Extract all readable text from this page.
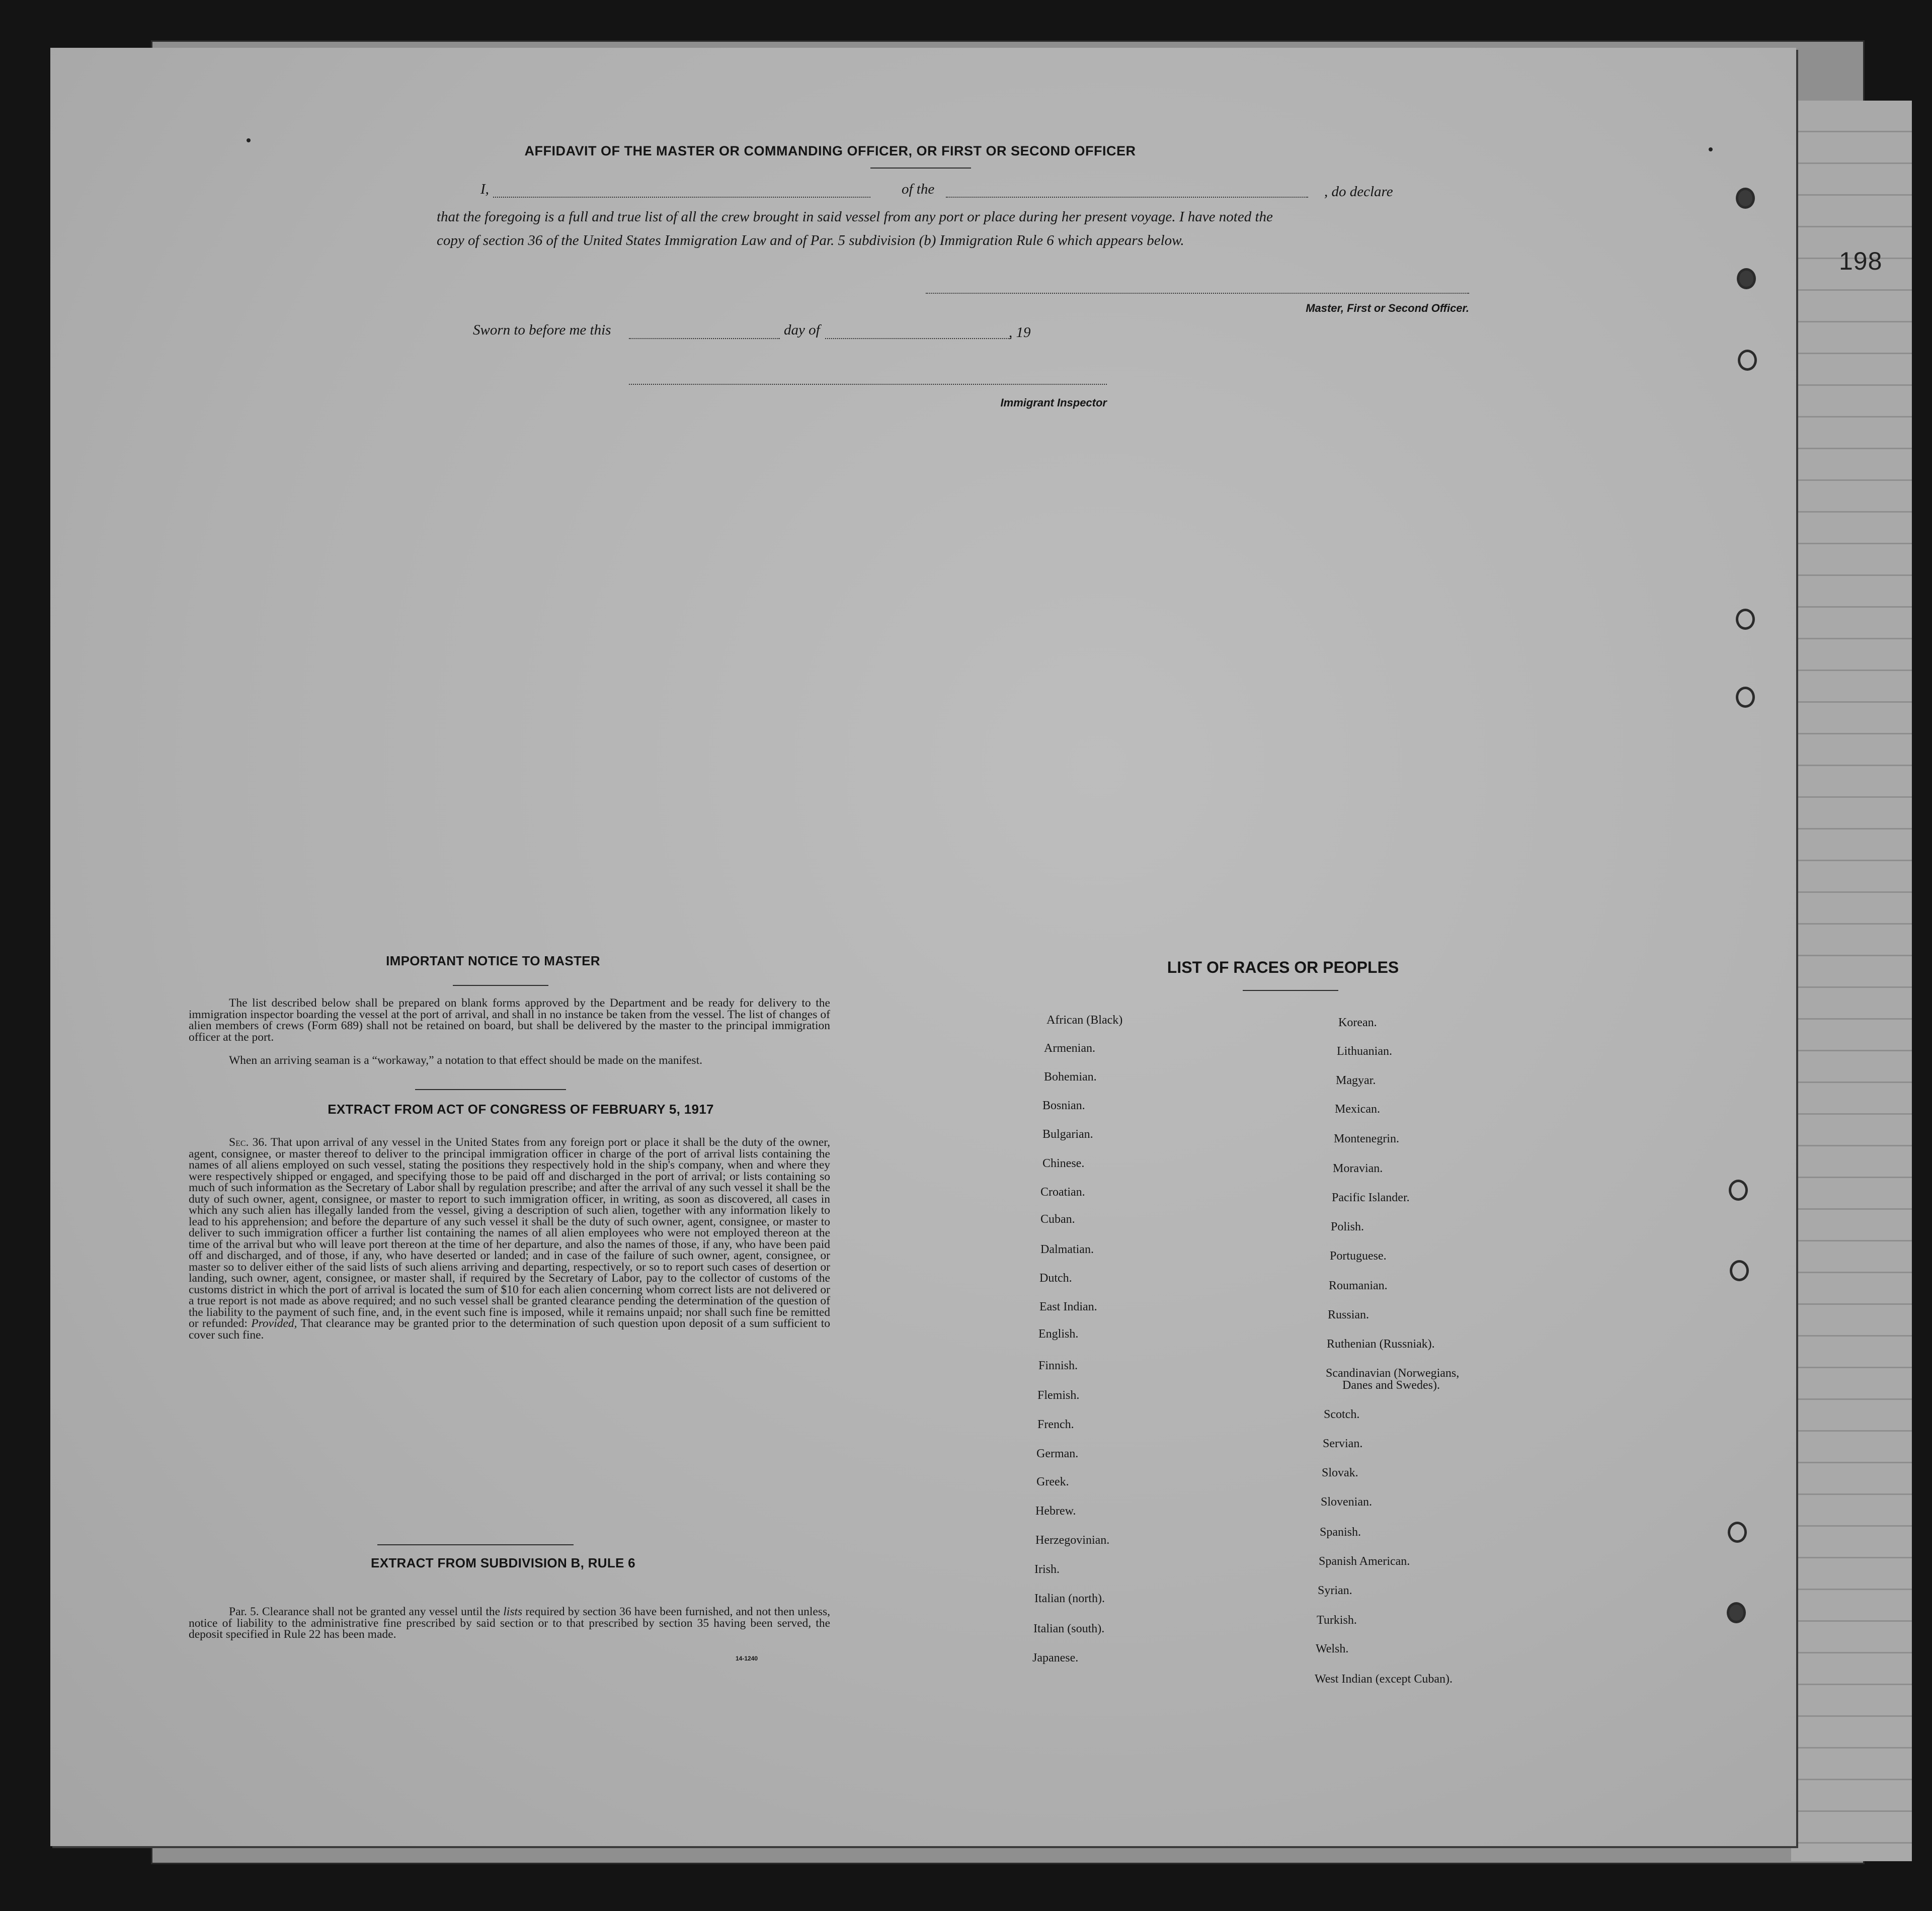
198
AFFIDAVIT OF THE MASTER OR COMMANDING OFFICER, OR FIRST OR SECOND OFFICER
I,	of the	, do declare
that the foregoing is a full and true list of all the crew brought in said vessel from any port or place during her present voyage. I have noted the
copy of section 36 of the United States Immigration Law and of Par. 5 subdivision (b) Immigration Rule 6 which appears below.
Master, First or Second Officer.
Sworn to before me this	day of	, 19
Immigrant Inspector
IMPORTANT NOTICE TO MASTER
The list described below shall be prepared on blank forms approved by the Department and be ready for delivery to the immigration inspector boarding the vessel at the port of arrival, and shall in no instance be taken from the vessel. The list of changes of alien members of crews (Form 689) shall not be retained on board, but shall be delivered by the master to the principal immigration officer at the port.
When an arriving seaman is a “workaway,” a notation to that effect should be made on the manifest.
EXTRACT FROM ACT OF CONGRESS OF FEBRUARY 5, 1917
Sec. 36. That upon arrival of any vessel in the United States from any foreign port or place it shall be the duty of the owner, agent, consignee, or master thereof to deliver to the principal immigration officer in charge of the port of arrival lists containing the names of all aliens employed on such vessel, stating the positions they respectively hold in the ship's company, when and where they were respectively shipped or engaged, and specifying those to be paid off and discharged in the port of arrival; or lists containing so much of such information as the Secretary of Labor shall by regulation prescribe; and after the arrival of any such vessel it shall be the duty of such owner, agent, consignee, or master to report to such immigration officer, in writing, as soon as discovered, all cases in which any such alien has illegally landed from the vessel, giving a description of such alien, together with any information likely to lead to his apprehension; and before the departure of any such vessel it shall be the duty of such owner, agent, consignee, or master to deliver to such immigration officer a further list containing the names of all alien employees who were not employed thereon at the time of the arrival but who will leave port thereon at the time of her departure, and also the names of those, if any, who have been paid off and discharged, and of those, if any, who have deserted or landed; and in case of the failure of such owner, agent, consignee, or master so to deliver either of the said lists of such aliens arriving and departing, respectively, or so to report such cases of desertion or landing, such owner, agent, consignee, or master shall, if required by the Secretary of Labor, pay to the collector of customs of the customs district in which the port of arrival is located the sum of $10 for each alien concerning whom correct lists are not delivered or a true report is not made as above required; and no such vessel shall be granted clearance pending the determination of the question of the liability to the payment of such fine, and, in the event such fine is imposed, while it remains unpaid; nor shall such fine be remitted or refunded: Provided, That clearance may be granted prior to the determination of such question upon deposit of a sum sufficient to cover such fine.
EXTRACT FROM SUBDIVISION B, RULE 6
Par. 5. Clearance shall not be granted any vessel until the lists required by section 36 have been furnished, and not then unless, notice of liability to the administrative fine prescribed by said section or to that prescribed by section 35 having been served, the deposit specified in Rule 22 has been made.
14-1240
LIST OF RACES OR PEOPLES
African (Black)
Armenian.
Bohemian.
Bosnian.
Bulgarian.
Chinese.
Croatian.
Cuban.
Dalmatian.
Dutch.
East Indian.
English.
Finnish.
Flemish.
French.
German.
Greek.
Hebrew.
Herzegovinian.
Irish.
Italian (north).
Italian (south).
Japanese.
Korean.
Lithuanian.
Magyar.
Mexican.
Montenegrin.
Moravian.
Pacific Islander.
Polish.
Portuguese.
Roumanian.
Russian.
Ruthenian (Russniak).
Scandinavian (Norwegians,
Danes and Swedes).
Scotch.
Servian.
Slovak.
Slovenian.
Spanish.
Spanish American.
Syrian.
Turkish.
Welsh.
West Indian (except Cuban).
